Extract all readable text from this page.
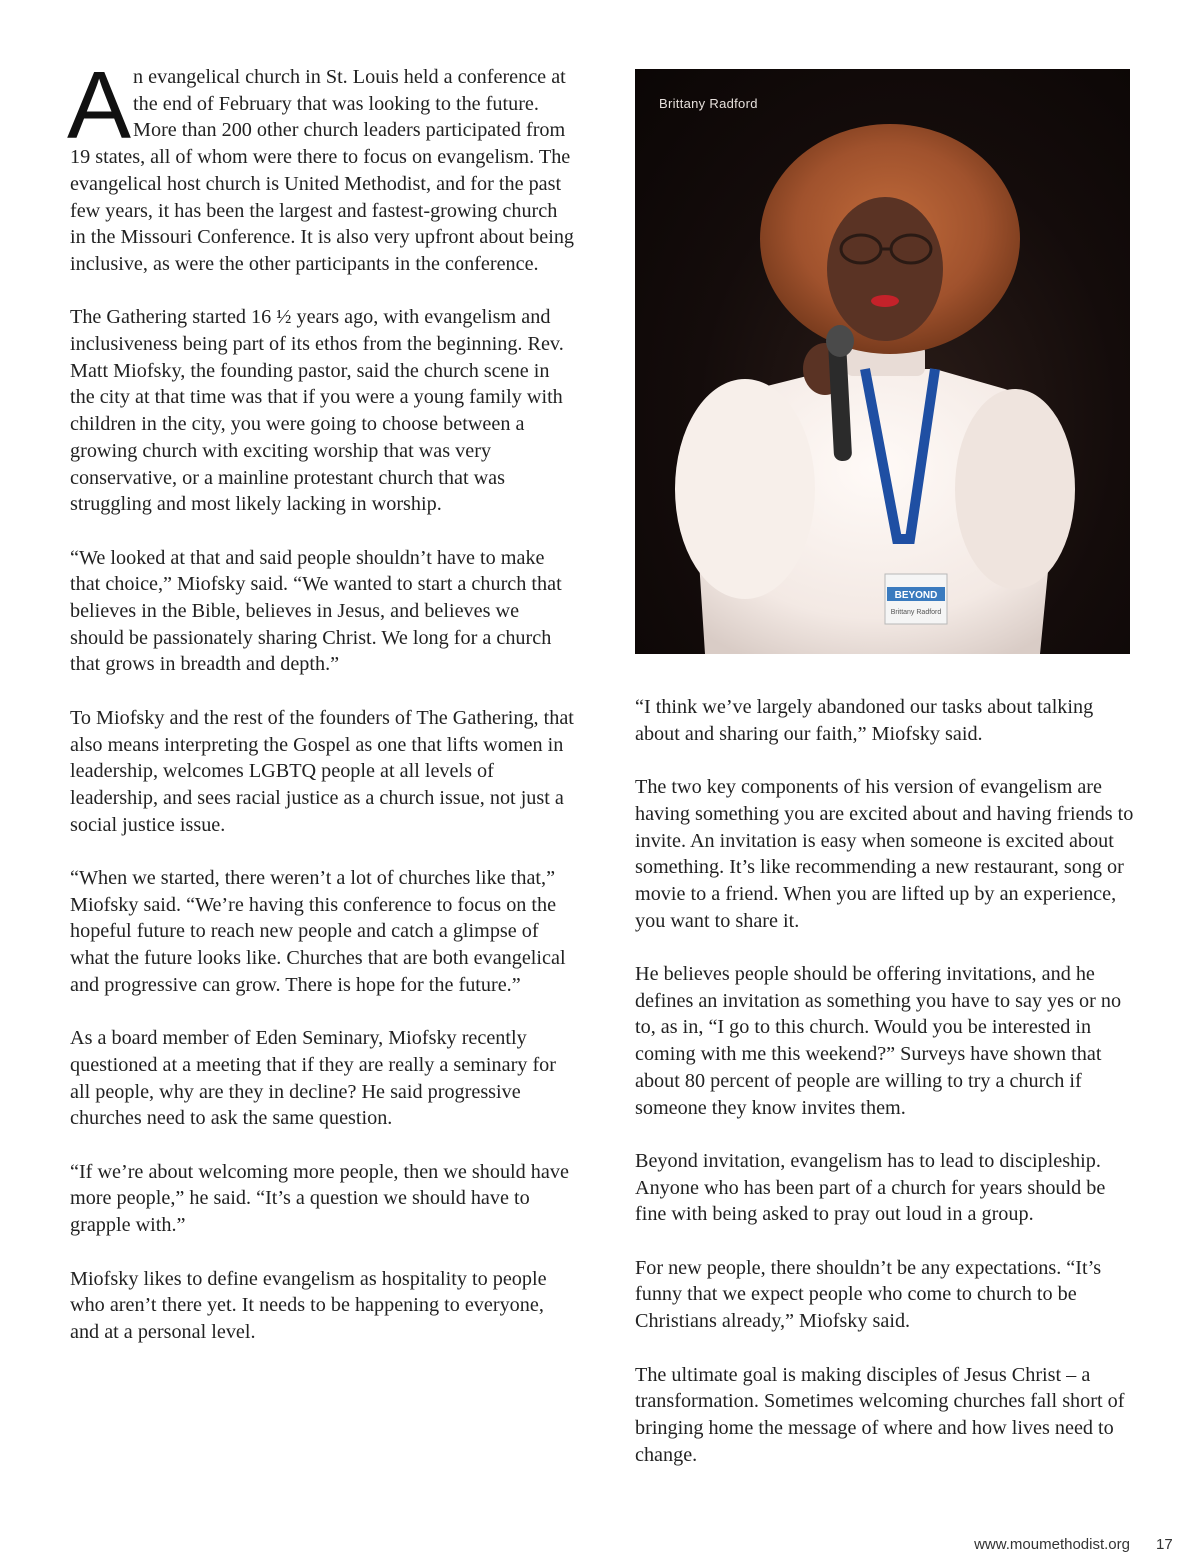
An evangelical church in St. Louis held a conference at the end of February that was looking to the future. More than 200 other church leaders participated from 19 states, all of whom were there to focus on evangelism. The evangelical host church is United Methodist, and for the past few years, it has been the largest and fastest-growing church in the Missouri Conference. It is also very upfront about being inclusive, as were the other participants in the conference.

The Gathering started 16 ½ years ago, with evangelism and inclusiveness being part of its ethos from the beginning. Rev. Matt Miofsky, the founding pastor, said the church scene in the city at that time was that if you were a young family with children in the city, you were going to choose between a growing church with exciting worship that was very conservative, or a mainline protestant church that was struggling and most likely lacking in worship.

“We looked at that and said people shouldn’t have to make that choice,” Miofsky said. “We wanted to start a church that believes in the Bible, believes in Jesus, and believes we should be passionately sharing Christ. We long for a church that grows in breadth and depth.”

To Miofsky and the rest of the founders of The Gathering, that also means interpreting the Gospel as one that lifts women in leadership, welcomes LGBTQ people at all levels of leadership, and sees racial justice as a church issue, not just a social justice issue.

“When we started, there weren’t a lot of churches like that,” Miofsky said. “We’re having this conference to focus on the hopeful future to reach new people and catch a glimpse of what the future looks like. Churches that are both evangelical and progressive can grow. There is hope for the future.”

As a board member of Eden Seminary, Miofsky recently questioned at a meeting that if they are really a seminary for all people, why are they in decline? He said progressive churches need to ask the same question.

“If we’re about welcoming more people, then we should have more people,” he said. “It’s a question we should have to grapple with.”

Miofsky likes to define evangelism as hospitality to people who aren’t there yet. It needs to be happening to everyone, and at a personal level.

BEYOND
Brittany Radford
Brittany Radford

“I think we’ve largely abandoned our tasks about talking about and sharing our faith,” Miofsky said.

The two key components of his version of evangelism are having something you are excited about and having friends to invite. An invitation is easy when someone is excited about something. It’s like recommending a new restaurant, song or movie to a friend. When you are lifted up by an experience, you want to share it.

He believes people should be offering invitations, and he defines an invitation as something you have to say yes or no to, as in, “I go to this church. Would you be interested in coming with me this weekend?” Surveys have shown that about 80 percent of people are willing to try a church if someone they know invites them.

Beyond invitation, evangelism has to lead to discipleship. Anyone who has been part of a church for years should be fine with being asked to pray out loud in a group.

For new people, there shouldn’t be any expectations. “It’s funny that we expect people who come to church to be Christians already,” Miofsky said.

The ultimate goal is making disciples of Jesus Christ – a transformation. Sometimes welcoming churches fall short of bringing home the message of where and how lives need to change.

www.moumethodist.org 17
